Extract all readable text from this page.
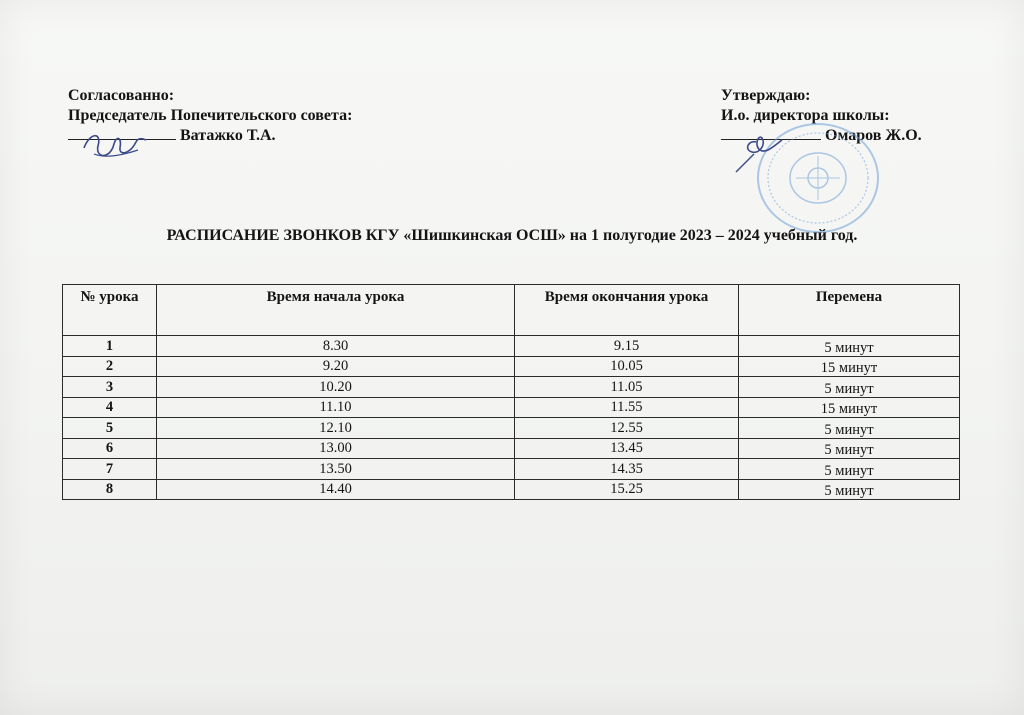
Согласованно:
Председатель Попечительского совета:
Ватажко Т.А.
Утверждаю:
И.о. директора школы:
Омаров Ж.О.
РАСПИСАНИЕ ЗВОНКОВ КГУ «Шишкинская ОСШ» на 1 полугодие 2023 – 2024 учебный год.
№ урока	Время начала урока	Время окончания урока	Перемена
1	8.30	9.15	5 минут
2	9.20	10.05	15 минут
3	10.20	11.05	5 минут
4	11.10	11.55	15 минут
5	12.10	12.55	5 минут
6	13.00	13.45	5 минут
7	13.50	14.35	5 минут
8	14.40	15.25	5 минут
